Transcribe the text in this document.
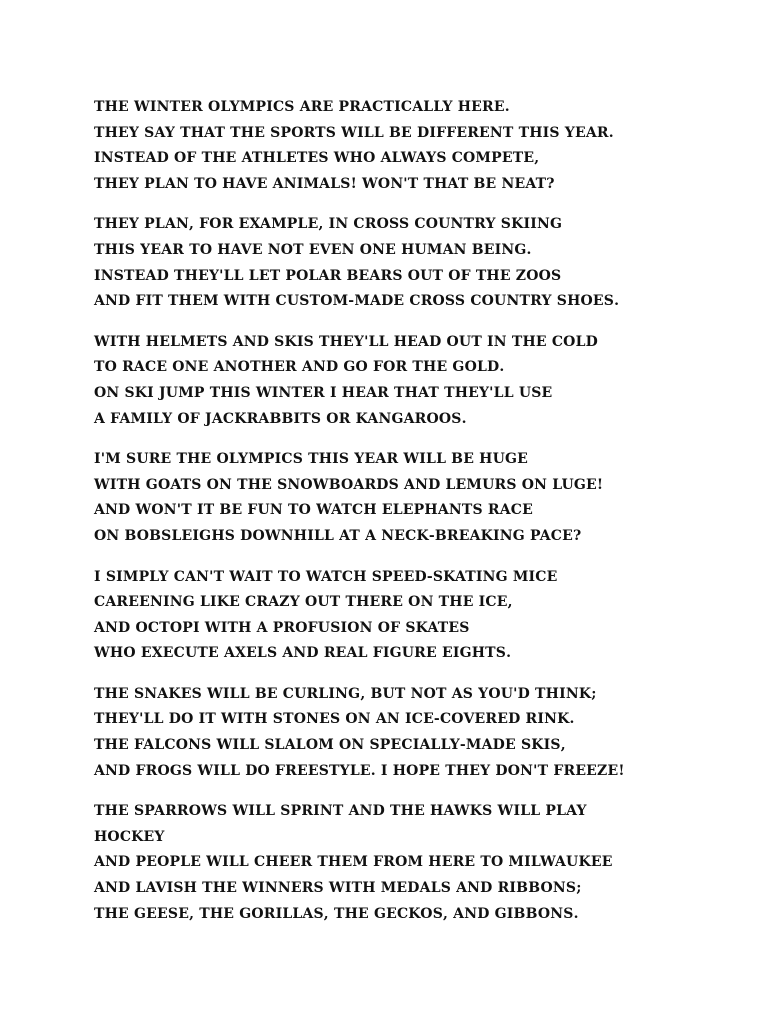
the winter olympics are practically here.
they say that the sports will be different this year.
instead of the athletes who always compete,
they plan to have animals! won't that be neat?
they plan, for example, in cross country skiing
this year to have not even one human being.
instead they'll let polar bears out of the zoos
and fit them with custom-made cross country shoes.
with helmets and skis they'll head out in the cold
to race one another and go for the gold.
on ski jump this winter i hear that they'll use
a family of jackrabbits or kangaroos.
i'm sure the olympics this year will be huge
with goats on the snowboards and lemurs on luge!
and won't it be fun to watch elephants race
on bobsleighs downhill at a neck-breaking pace?
i simply can't wait to watch speed-skating mice
careening like crazy out there on the ice,
and octopi with a profusion of skates
who execute axels and real figure eights.
the snakes will be curling, but not as you'd think;
they'll do it with stones on an ice-covered rink.
the falcons will slalom on specially-made skis,
and frogs will do freestyle. i hope they don't freeze!
the sparrows will sprint and the hawks will play
hockey
and people will cheer them from here to milwaukee
and lavish the winners with medals and ribbons;
the geese, the gorillas, the geckos, and gibbons.
